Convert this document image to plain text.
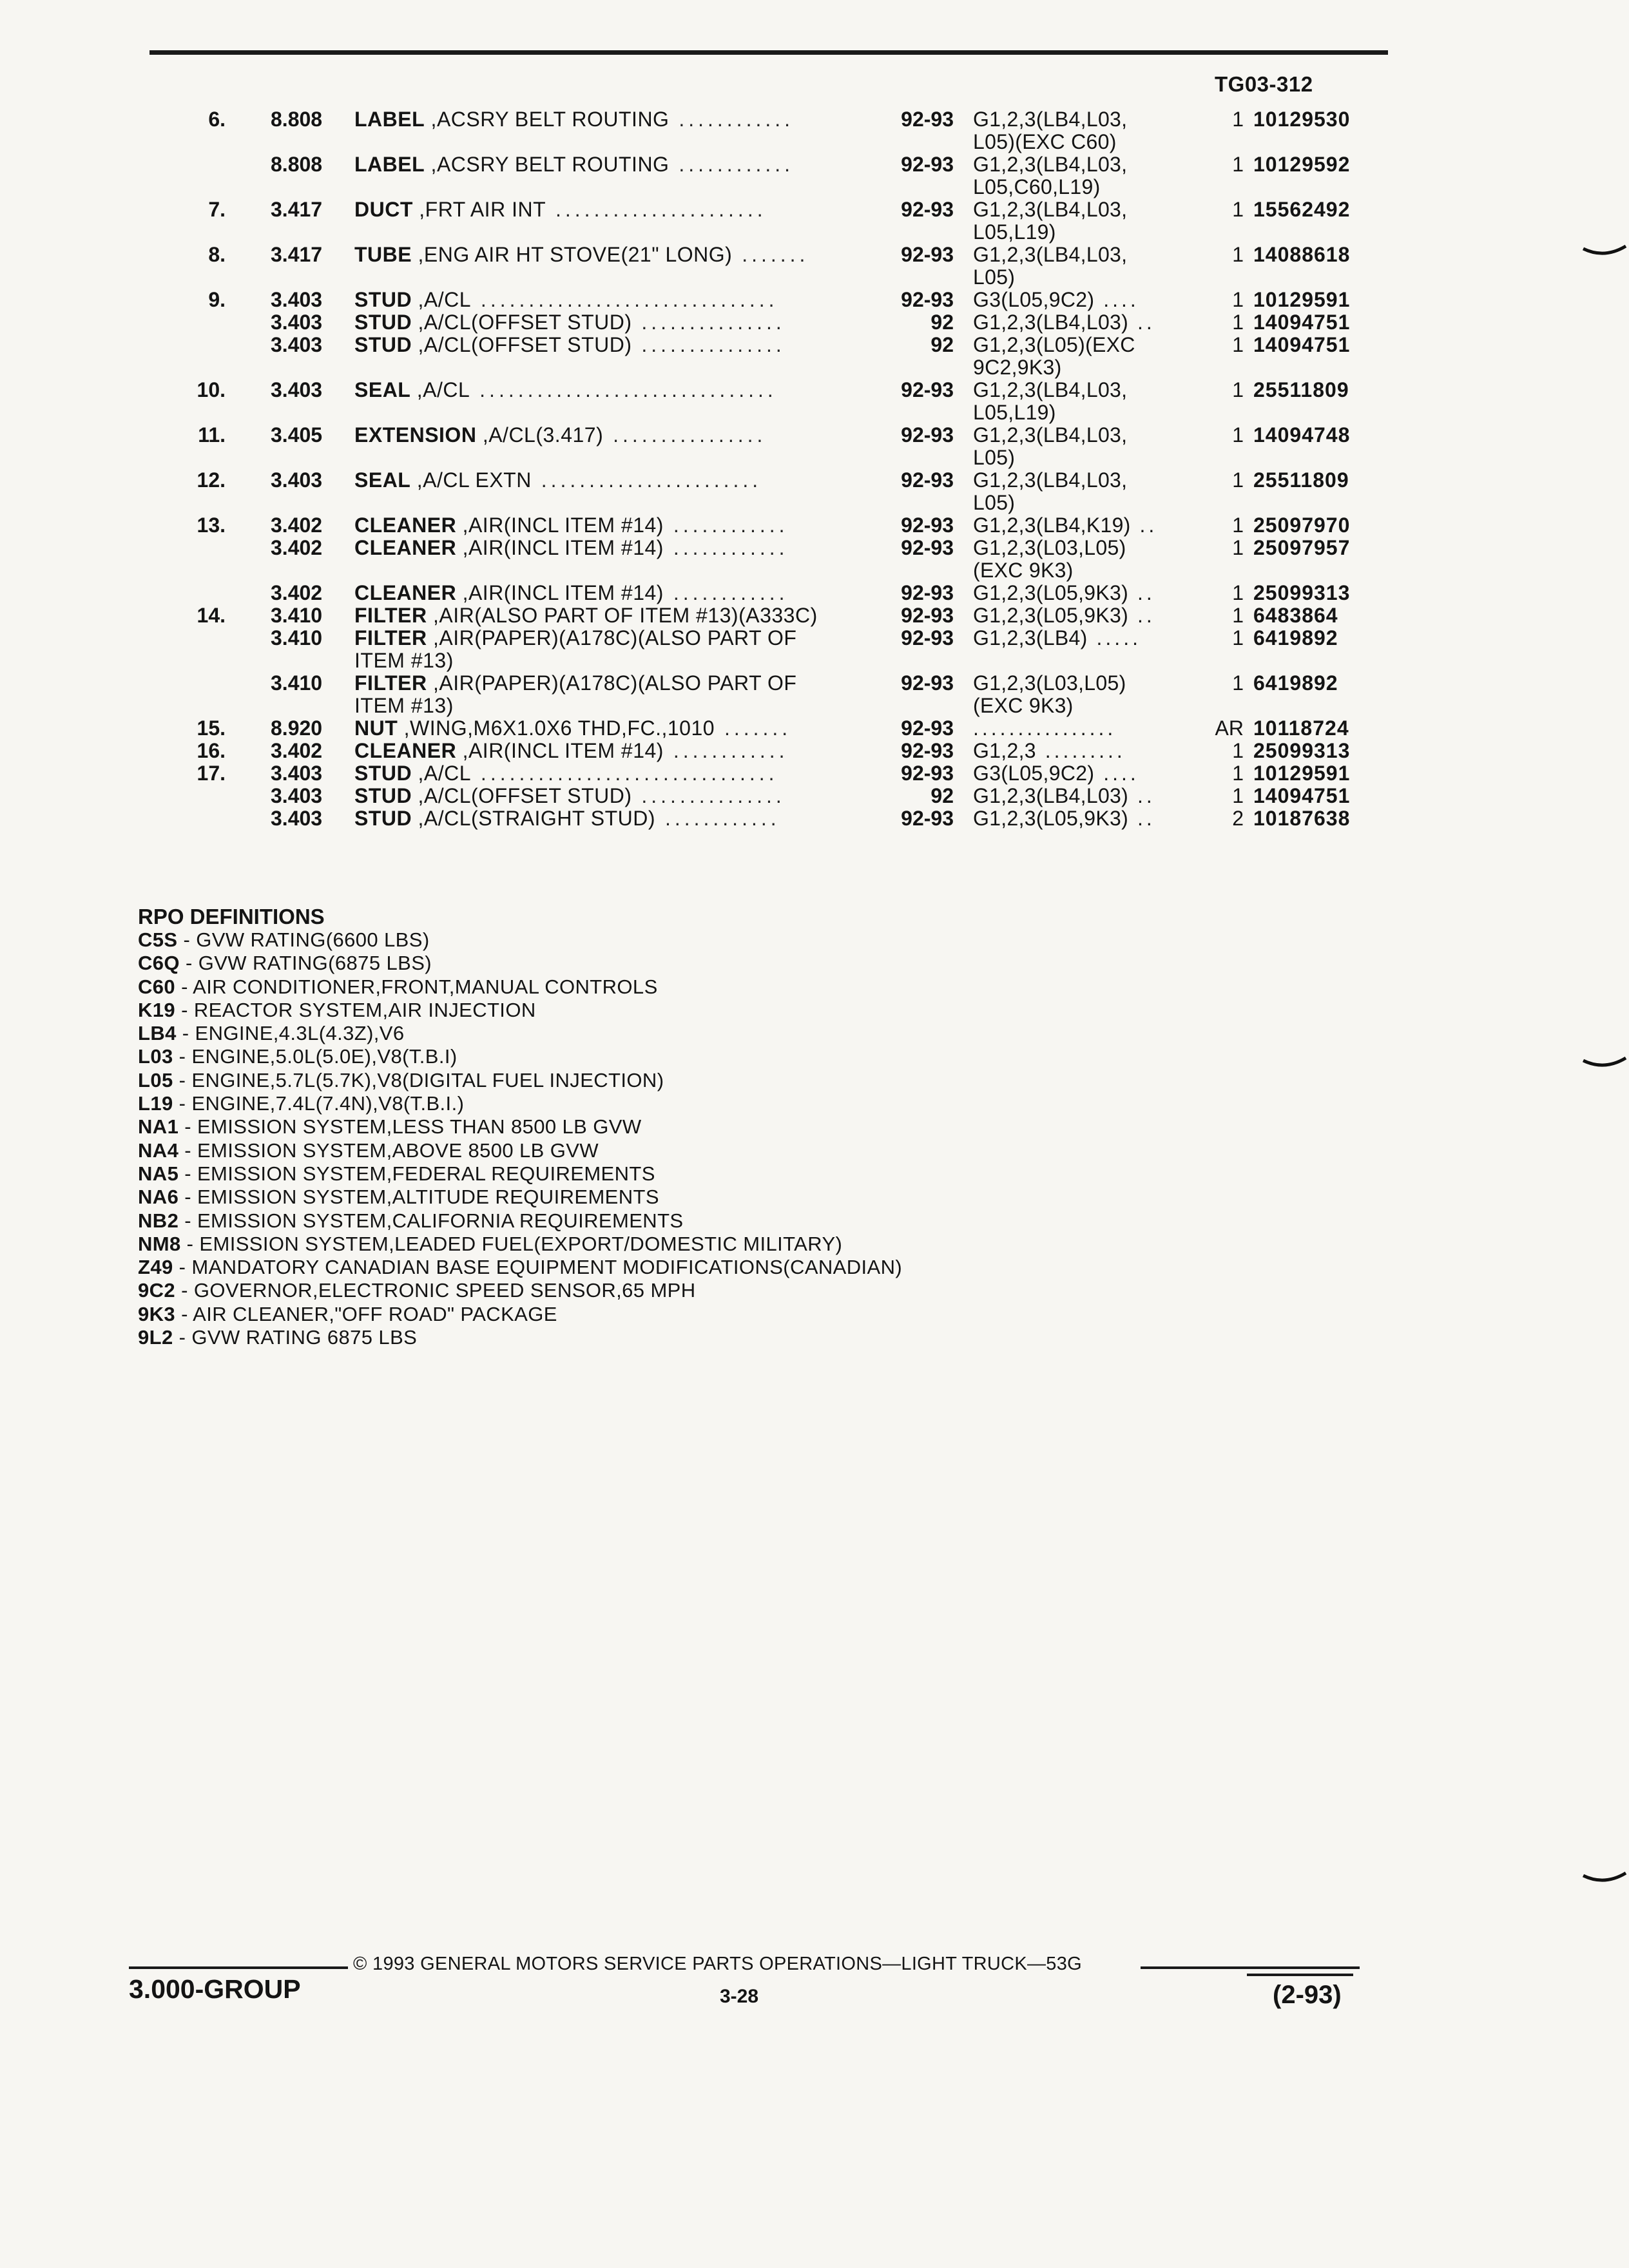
TG03-312
6. 8.808 LABEL ,ACSRY BELT ROUTING ............	92-93 G1,2,3(LB4,L03,	1 10129530
L05)(EXC C60)
8.808 LABEL ,ACSRY BELT ROUTING ............	92-93 G1,2,3(LB4,L03,	1 10129592
L05,C60,L19)
7. 3.417 DUCT ,FRT AIR INT ......................	92-93 G1,2,3(LB4,L03,	1 15562492
L05,L19)
8. 3.417 TUBE ,ENG AIR HT STOVE(21" LONG) .......	92-93 G1,2,3(LB4,L03,	1 14088618
L05)
9. 3.403 STUD ,A/CL ...............................	92-93 G3(L05,9C2) ....	1 10129591
3.403 STUD ,A/CL(OFFSET STUD) ...............	92 G1,2,3(LB4,L03) ..	1 14094751
3.403 STUD ,A/CL(OFFSET STUD) ...............	92 G1,2,3(L05)(EXC	1 14094751
9C2,9K3)
10. 3.403 SEAL ,A/CL ...............................	92-93 G1,2,3(LB4,L03,	1 25511809
L05,L19)
11. 3.405 EXTENSION ,A/CL(3.417) ................	92-93 G1,2,3(LB4,L03,	1 14094748
L05)
12. 3.403 SEAL ,A/CL EXTN .......................	92-93 G1,2,3(LB4,L03,	1 25511809
L05)
13. 3.402 CLEANER ,AIR(INCL ITEM #14) ............	92-93 G1,2,3(LB4,K19) ..	1 25097970
3.402 CLEANER ,AIR(INCL ITEM #14) ............	92-93 G1,2,3(L03,L05)	1 25097957
(EXC 9K3)
3.402 CLEANER ,AIR(INCL ITEM #14) ............	92-93 G1,2,3(L05,9K3) ..	1 25099313
14. 3.410 FILTER ,AIR(ALSO PART OF ITEM #13)(A333C)	92-93 G1,2,3(L05,9K3) ..	1 6483864
3.410 FILTER ,AIR(PAPER)(A178C)(ALSO PART OF	92-93 G1,2,3(LB4) .....	1 6419892
ITEM #13)
3.410 FILTER ,AIR(PAPER)(A178C)(ALSO PART OF	92-93 G1,2,3(L03,L05)	1 6419892
ITEM #13)	(EXC 9K3)
15. 8.920 NUT ,WING,M6X1.0X6 THD,FC.,1010 .......	92-93 ................	AR 10118724
16. 3.402 CLEANER ,AIR(INCL ITEM #14) ............	92-93 G1,2,3 .........	1 25099313
17. 3.403 STUD ,A/CL ...............................	92-93 G3(L05,9C2) ....	1 10129591
3.403 STUD ,A/CL(OFFSET STUD) ...............	92 G1,2,3(LB4,L03) ..	1 14094751
3.403 STUD ,A/CL(STRAIGHT STUD) ............	92-93 G1,2,3(L05,9K3) ..	2 10187638
RPO DEFINITIONS
C5S - GVW RATING(6600 LBS)
C6Q - GVW RATING(6875 LBS)
C60 - AIR CONDITIONER,FRONT,MANUAL CONTROLS
K19 - REACTOR SYSTEM,AIR INJECTION
LB4 - ENGINE,4.3L(4.3Z),V6
L03 - ENGINE,5.0L(5.0E),V8(T.B.I)
L05 - ENGINE,5.7L(5.7K),V8(DIGITAL FUEL INJECTION)
L19 - ENGINE,7.4L(7.4N),V8(T.B.I.)
NA1 - EMISSION SYSTEM,LESS THAN 8500 LB GVW
NA4 - EMISSION SYSTEM,ABOVE 8500 LB GVW
NA5 - EMISSION SYSTEM,FEDERAL REQUIREMENTS
NA6 - EMISSION SYSTEM,ALTITUDE REQUIREMENTS
NB2 - EMISSION SYSTEM,CALIFORNIA REQUIREMENTS
NM8 - EMISSION SYSTEM,LEADED FUEL(EXPORT/DOMESTIC MILITARY)
Z49 - MANDATORY CANADIAN BASE EQUIPMENT MODIFICATIONS(CANADIAN)
9C2 - GOVERNOR,ELECTRONIC SPEED SENSOR,65 MPH
9K3 - AIR CLEANER,"OFF ROAD" PACKAGE
9L2 - GVW RATING 6875 LBS
© 1993 GENERAL MOTORS SERVICE PARTS OPERATIONS—LIGHT TRUCK—53G
3.000-GROUP	3-28	(2-93)
